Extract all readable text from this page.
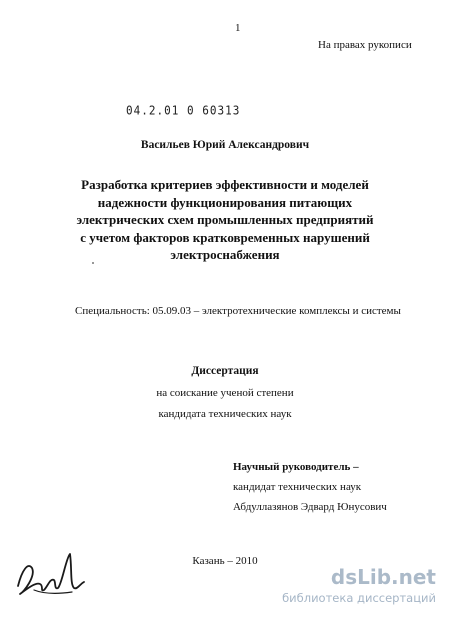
1
На правах рукописи
04.2.01 0 60313
Васильев Юрий Александрович
Разработка критериев эффективности и моделей
надежности функционирования питающих
электрических схем промышленных предприятий
с учетом факторов кратковременных нарушений
электроснабжения
Специальность: 05.09.03 – электротехнические комплексы и системы
Диссертация
на соискание ученой степени
кандидата технических наук
Научный руководитель –
кандидат технических наук
Абдуллазянов Эдвард Юнусович
Казань – 2010
dsLib.net
библиотека диссертаций
